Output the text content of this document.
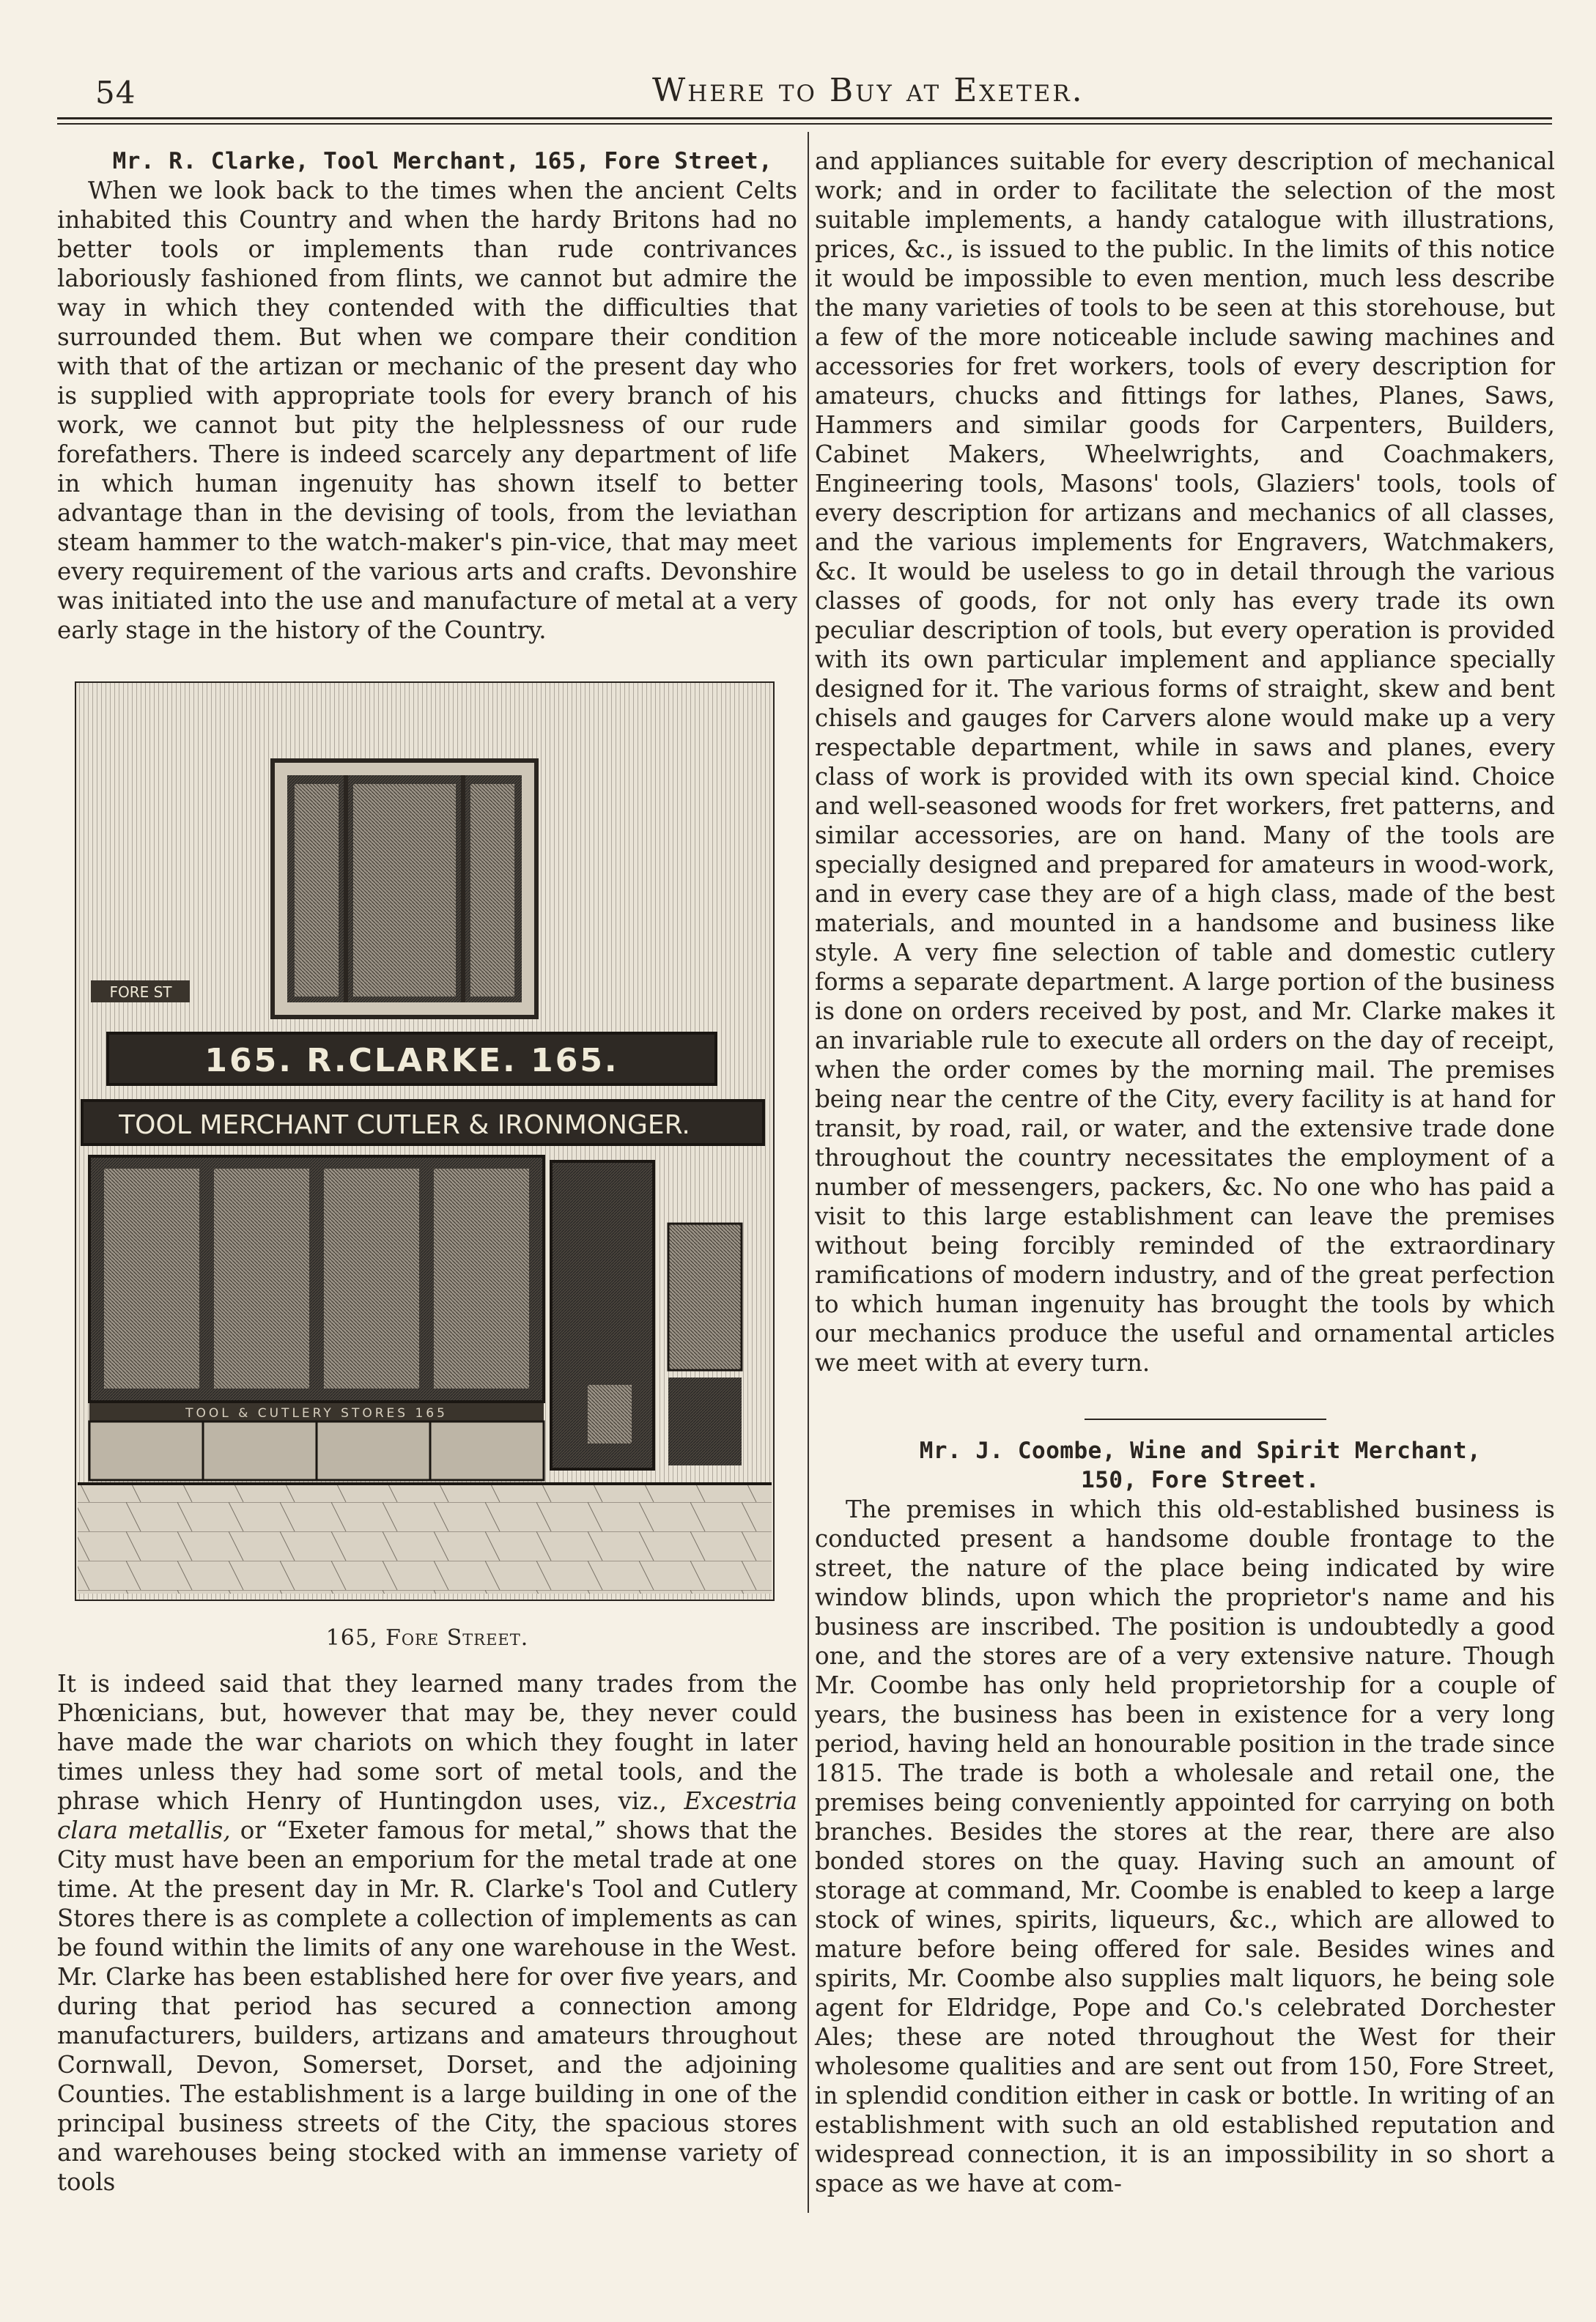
54	Where to Buy at Exeter.

Mr. R. Clarke, Tool Merchant, 165, Fore Street,

When we look back to the times when the ancient Celts inhabited this Country and when the hardy Britons had no better tools or implements than rude contrivances laboriously fashioned from flints, we cannot but admire the way in which they contended with the difficulties that surrounded them. But when we compare their condition with that of the artizan or mechanic of the present day who is supplied with appropriate tools for every branch of his work, we cannot but pity the helplessness of our rude forefathers. There is indeed scarcely any department of life in which human ingenuity has shown itself to better advantage than in the devising of tools, from the leviathan steam hammer to the watch-maker's pin-vice, that may meet every requirement of the various arts and crafts. Devonshire was initiated into the use and manufacture of metal at a very early stage in the history of the Country.

FORE ST
165. R.CLARKE. 165.
TOOL MERCHANT CUTLER & IRONMONGER.
TOOL & CUTLERY STORES 165
165, Fore Street.

It is indeed said that they learned many trades from the Phœnicians, but, however that may be, they never could have made the war chariots on which they fought in later times unless they had some sort of metal tools, and the phrase which Henry of Huntingdon uses, viz., Excestria clara metallis, or “Exeter famous for metal,” shows that the City must have been an emporium for the metal trade at one time. At the present day in Mr. R. Clarke's Tool and Cutlery Stores there is as complete a collection of implements as can be found within the limits of any one warehouse in the West. Mr. Clarke has been established here for over five years, and during that period has secured a connection among manufacturers, builders, artizans and amateurs throughout Cornwall, Devon, Somerset, Dorset, and the adjoining Counties. The establishment is a large building in one of the principal business streets of the City, the spacious stores and warehouses being stocked with an immense variety of tools

and appliances suitable for every description of mechanical work; and in order to facilitate the selection of the most suitable implements, a handy catalogue with illustrations, prices, &c., is issued to the public. In the limits of this notice it would be impossible to even mention, much less describe the many varieties of tools to be seen at this storehouse, but a few of the more noticeable include sawing machines and accessories for fret workers, tools of every description for amateurs, chucks and fittings for lathes, Planes, Saws, Hammers and similar goods for Carpenters, Builders, Cabinet Makers, Wheelwrights, and Coachmakers, Engineering tools, Masons' tools, Glaziers' tools, tools of every description for artizans and mechanics of all classes, and the various implements for Engravers, Watchmakers, &c. It would be useless to go in detail through the various classes of goods, for not only has every trade its own peculiar description of tools, but every operation is provided with its own particular implement and appliance specially designed for it. The various forms of straight, skew and bent chisels and gauges for Carvers alone would make up a very respectable department, while in saws and planes, every class of work is provided with its own special kind. Choice and well-seasoned woods for fret workers, fret patterns, and similar accessories, are on hand. Many of the tools are specially designed and prepared for amateurs in wood-work, and in every case they are of a high class, made of the best materials, and mounted in a handsome and business like style. A very fine selection of table and domestic cutlery forms a separate department. A large portion of the business is done on orders received by post, and Mr. Clarke makes it an invariable rule to execute all orders on the day of receipt, when the order comes by the morning mail. The premises being near the centre of the City, every facility is at hand for transit, by road, rail, or water, and the extensive trade done throughout the country necessitates the employment of a number of messengers, packers, &c. No one who has paid a visit to this large establishment can leave the premises without being forcibly reminded of the extraordinary ramifications of modern industry, and of the great perfection to which human ingenuity has brought the tools by which our mechanics produce the useful and ornamental articles we meet with at every turn.

Mr. J. Coombe, Wine and Spirit Merchant,

150, Fore Street.

The premises in which this old-established business is conducted present a handsome double frontage to the street, the nature of the place being indicated by wire window blinds, upon which the proprietor's name and his business are inscribed. The position is undoubtedly a good one, and the stores are of a very extensive nature. Though Mr. Coombe has only held proprietorship for a couple of years, the business has been in existence for a very long period, having held an honourable position in the trade since 1815. The trade is both a wholesale and retail one, the premises being conveniently appointed for carrying on both branches. Besides the stores at the rear, there are also bonded stores on the quay. Having such an amount of storage at command, Mr. Coombe is enabled to keep a large stock of wines, spirits, liqueurs, &c., which are allowed to mature before being offered for sale. Besides wines and spirits, Mr. Coombe also supplies malt liquors, he being sole agent for Eldridge, Pope and Co.'s celebrated Dorchester Ales; these are noted throughout the West for their wholesome qualities and are sent out from 150, Fore Street, in splendid condition either in cask or bottle. In writing of an establishment with such an old established reputation and widespread connection, it is an impossibility in so short a space as we have at com-
